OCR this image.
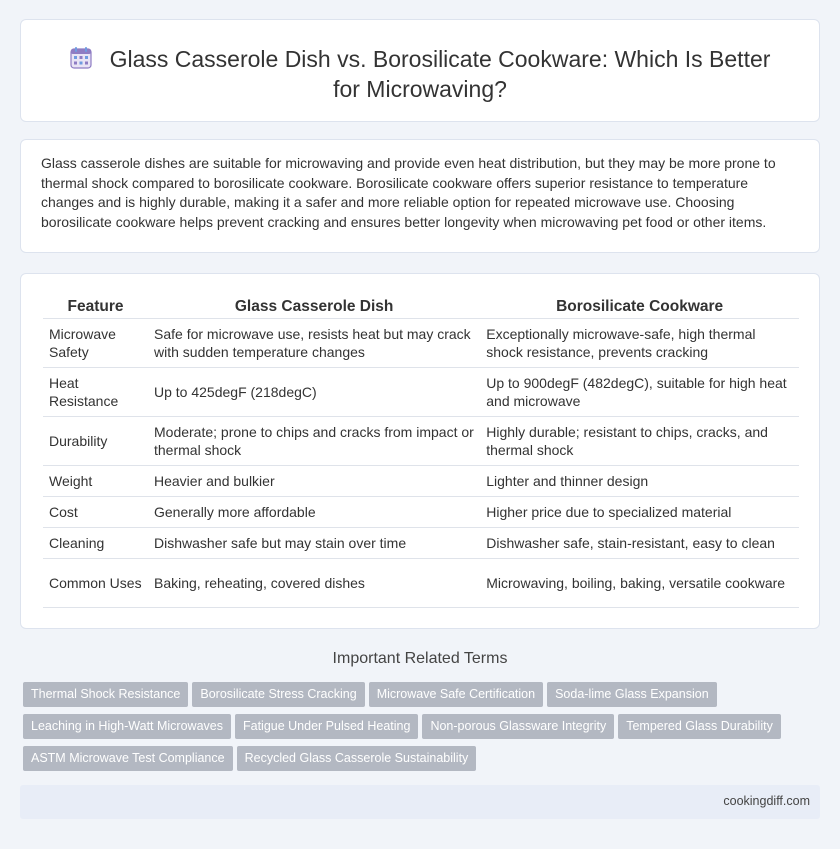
Glass Casserole Dish vs. Borosilicate Cookware: Which Is Better for Microwaving?

Glass casserole dishes are suitable for microwaving and provide even heat distribution, but they may be more prone to thermal shock compared to borosilicate cookware. Borosilicate cookware offers superior resistance to temperature changes and is highly durable, making it a safer and more reliable option for repeated microwave use. Choosing borosilicate cookware helps prevent cracking and ensures better longevity when microwaving pet food or other items.

Feature	Glass Casserole Dish	Borosilicate Cookware
Microwave Safety	Safe for microwave use, resists heat but may crack with sudden temperature changes	Exceptionally microwave-safe, high thermal shock resistance, prevents cracking
Heat Resistance	Up to 425degF (218degC)	Up to 900degF (482degC), suitable for high heat and microwave
Durability	Moderate; prone to chips and cracks from impact or thermal shock	Highly durable; resistant to chips, cracks, and thermal shock
Weight	Heavier and bulkier	Lighter and thinner design
Cost	Generally more affordable	Higher price due to specialized material
Cleaning	Dishwasher safe but may stain over time	Dishwasher safe, stain-resistant, easy to clean
Common Uses	Baking, reheating, covered dishes	Microwaving, boiling, baking, versatile cookware
Important Related Terms
Thermal Shock Resistance Borosilicate Stress Cracking Microwave Safe Certification Soda-lime Glass Expansion
Leaching in High-Watt Microwaves Fatigue Under Pulsed Heating Non-porous Glassware Integrity Tempered Glass Durability
ASTM Microwave Test Compliance Recycled Glass Casserole Sustainability
cookingdiff.com
